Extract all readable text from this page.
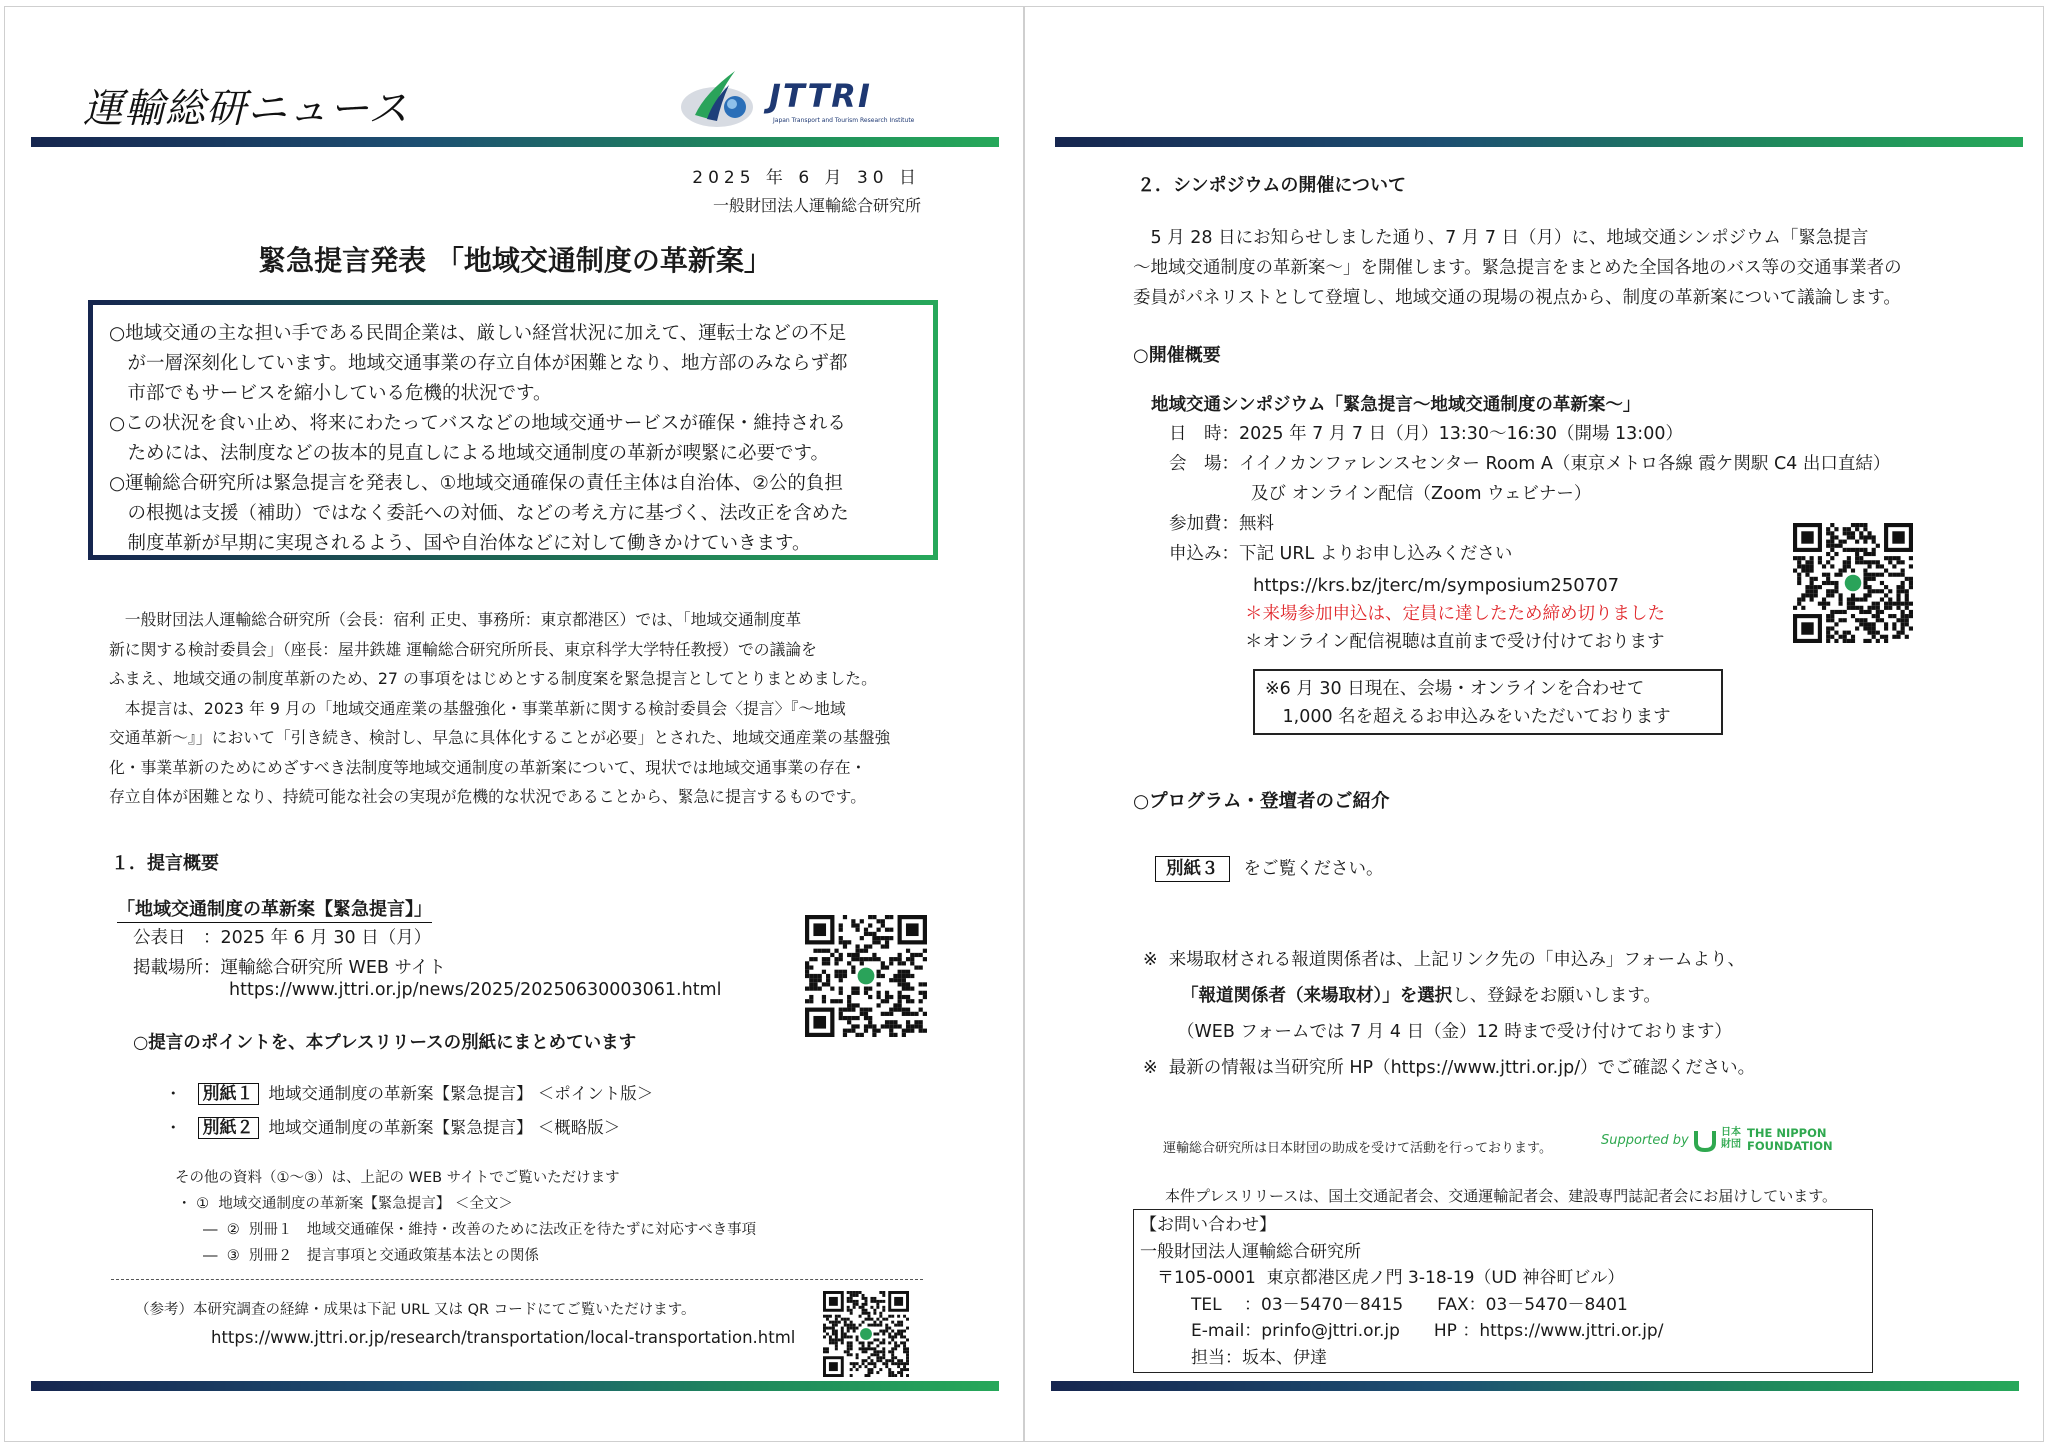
運輸総研ニュース	JTTRI
Japan Transport and Tourism Research Institute
2025 年 6 月 30 日
一般財団法人運輸総合研究所
緊急提言発表 「地域交通制度の革新案」
○地域交通の主な担い手である民間企業は、厳しい経営状況に加えて、運転士などの不足
　が一層深刻化しています。地域交通事業の存立自体が困難となり、地方部のみならず都
　市部でもサービスを縮小している危機的状況です。
○この状況を食い止め、将来にわたってバスなどの地域交通サービスが確保・維持される
　ためには、法制度などの抜本的見直しによる地域交通制度の革新が喫緊に必要です。
○運輸総合研究所は緊急提言を発表し、①地域交通確保の責任主体は自治体、②公的負担
　の根拠は支援（補助）ではなく委託への対価、などの考え方に基づく、法改正を含めた
　制度革新が早期に実現されるよう、国や自治体などに対して働きかけていきます。
　一般財団法人運輸総合研究所（会長：宿利 正史、事務所：東京都港区）では、「地域交通制度革
新に関する検討委員会」（座長：屋井鉄雄 運輸総合研究所所長、東京科学大学特任教授）での議論を
ふまえ、地域交通の制度革新のため、27 の事項をはじめとする制度案を緊急提言としてとりまとめました。
　本提言は、2023 年 9 月の「地域交通産業の基盤強化・事業革新に関する検討委員会〈提言〉『～地域
交通革新～』」において「引き続き、検討し、早急に具体化することが必要」とされた、地域交通産業の基盤強
化・事業革新のためにめざすべき法制度等地域交通制度の革新案について、現状では地域交通事業の存在・
存立自体が困難となり、持続可能な社会の実現が危機的な状況であることから、緊急に提言するものです。
１．提言概要
「地域交通制度の革新案【緊急提言】」
公表日　：2025 年 6 月 30 日（月）
掲載場所：運輸総合研究所 WEB サイト
https://www.jttri.or.jp/news/2025/20250630003061.html
○提言のポイントを、本プレスリリースの別紙にまとめています
・ 別紙１ 地域交通制度の革新案【緊急提言】 ＜ポイント版＞
・ 別紙２ 地域交通制度の革新案【緊急提言】 ＜概略版＞
その他の資料（①～③）は、上記の WEB サイトでご覧いただけます
・ ①  地域交通制度の革新案【緊急提言】 ＜全文＞
―  ②  別冊１　地域交通確保・維持・改善のために法改正を待たずに対応すべき事項
―  ③  別冊２　提言事項と交通政策基本法との関係
（参考）本研究調査の経緯・成果は下記 URL 又は QR コードにてご覧いただけます。
https://www.jttri.or.jp/research/transportation/local-transportation.html
２．シンポジウムの開催について
　5 月 28 日にお知らせしました通り、7 月 7 日（月）に、地域交通シンポジウム「緊急提言
～地域交通制度の革新案～」を開催します。緊急提言をまとめた全国各地のバス等の交通事業者の
委員がパネリストとして登壇し、地域交通の現場の視点から、制度の革新案について議論します。
○開催概要
地域交通シンポジウム「緊急提言～地域交通制度の革新案～」
日　時：2025 年 7 月 7 日（月）13:30～16:30（開場 13:00）
会　場：イイノカンファレンスセンター Room A（東京メトロ各線 霞ケ関駅 C4 出口直結）
及び オンライン配信（Zoom ウェビナー）
参加費：無料
申込み：下記 URL よりお申し込みください
https://krs.bz/jterc/m/symposium250707
＊来場参加申込は、定員に達したため締め切りました
＊オンライン配信視聴は直前まで受け付けております
※6 月 30 日現在、会場・オンラインを合わせて
　1,000 名を超えるお申込みをいただいております
○プログラム・登壇者のご紹介
別紙３ をご覧ください。
※  来場取材される報道関係者は、上記リンク先の「申込み」フォームより、
「報道関係者（来場取材）」を選択し、登録をお願いします。
（WEB フォームでは 7 月 4 日（金）12 時まで受け付けております）
※  最新の情報は当研究所 HP（https://www.jttri.or.jp/）でご確認ください。
運輸総合研究所は日本財団の助成を受けて活動を行っております。
Supported by
日本財団
THE NIPPON
FOUNDATION
本件プレスリリースは、国土交通記者会、交通運輸記者会、建設専門誌記者会にお届けしています。
【お問い合わせ】
一般財団法人運輸総合研究所
　〒105-0001  東京都港区虎ノ門 3-18-19（UD 神谷町ビル）
　　　TEL　 ：03－5470－8415　　FAX：03－5470－8401
　　　E-mail：prinfo@jttri.or.jp　　HP ：https://www.jttri.or.jp/
　　　担当：坂本、伊達
